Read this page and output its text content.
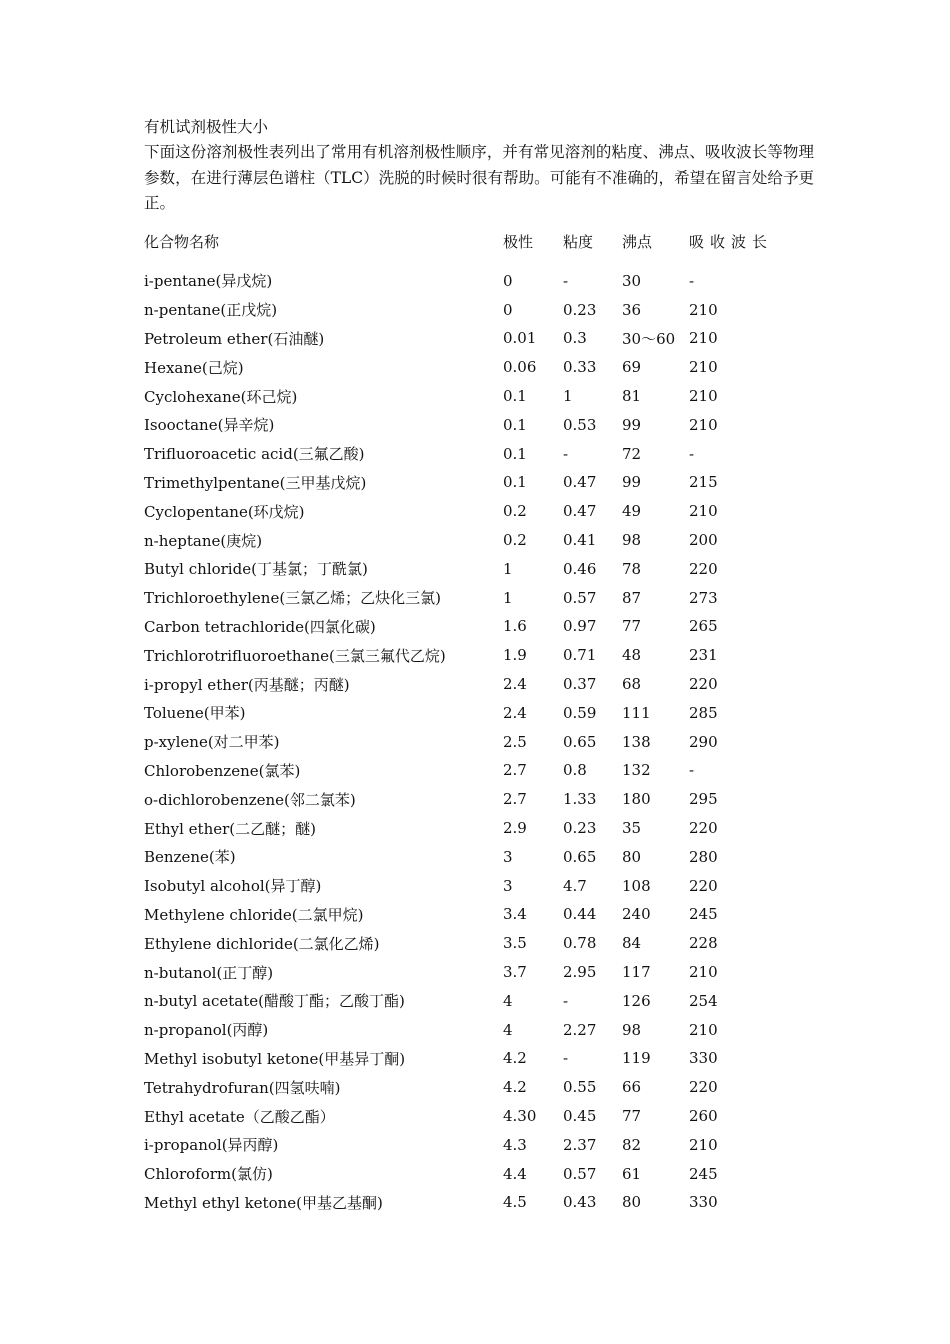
有机试剂极性大小

下面这份溶剂极性表列出了常用有机溶剂极性顺序，并有常见溶剂的粘度、沸点、吸收波长等物理参数，在进行薄层色谱柱（TLC）洗脱的时候时很有帮助。可能有不准确的，希望在留言处给予更正。

化合物名称	极性	粘度	沸点	吸收波长
i-pentane(异戊烷)	0	-	30	-
n-pentane(正戊烷)	0	0.23	36	210
Petroleum ether(石油醚)	0.01	0.3	30～60	210
Hexane(己烷)	0.06	0.33	69	210
Cyclohexane(环己烷)	0.1	1	81	210
Isooctane(异辛烷)	0.1	0.53	99	210
Trifluoroacetic acid(三氟乙酸)	0.1	-	72	-
Trimethylpentane(三甲基戊烷)	0.1	0.47	99	215
Cyclopentane(环戊烷)	0.2	0.47	49	210
n-heptane(庚烷)	0.2	0.41	98	200
Butyl chloride(丁基氯；丁酰氯)	1	0.46	78	220
Trichloroethylene(三氯乙烯；乙炔化三氯)	1	0.57	87	273
Carbon tetrachloride(四氯化碳)	1.6	0.97	77	265
Trichlorotrifluoroethane(三氯三氟代乙烷)	1.9	0.71	48	231
i-propyl ether(丙基醚；丙醚)	2.4	0.37	68	220
Toluene(甲苯)	2.4	0.59	111	285
p-xylene(对二甲苯)	2.5	0.65	138	290
Chlorobenzene(氯苯)	2.7	0.8	132	-
o-dichlorobenzene(邻二氯苯)	2.7	1.33	180	295
Ethyl ether(二乙醚；醚)	2.9	0.23	35	220
Benzene(苯)	3	0.65	80	280
Isobutyl alcohol(异丁醇)	3	4.7	108	220
Methylene chloride(二氯甲烷)	3.4	0.44	240	245
Ethylene dichloride(二氯化乙烯)	3.5	0.78	84	228
n-butanol(正丁醇)	3.7	2.95	117	210
n-butyl acetate(醋酸丁酯；乙酸丁酯)	4	-	126	254
n-propanol(丙醇)	4	2.27	98	210
Methyl isobutyl ketone(甲基异丁酮)	4.2	-	119	330
Tetrahydrofuran(四氢呋喃)	4.2	0.55	66	220
Ethyl acetate（乙酸乙酯）	4.30	0.45	77	260
i-propanol(异丙醇)	4.3	2.37	82	210
Chloroform(氯仿)	4.4	0.57	61	245
Methyl ethyl ketone(甲基乙基酮)	4.5	0.43	80	330
